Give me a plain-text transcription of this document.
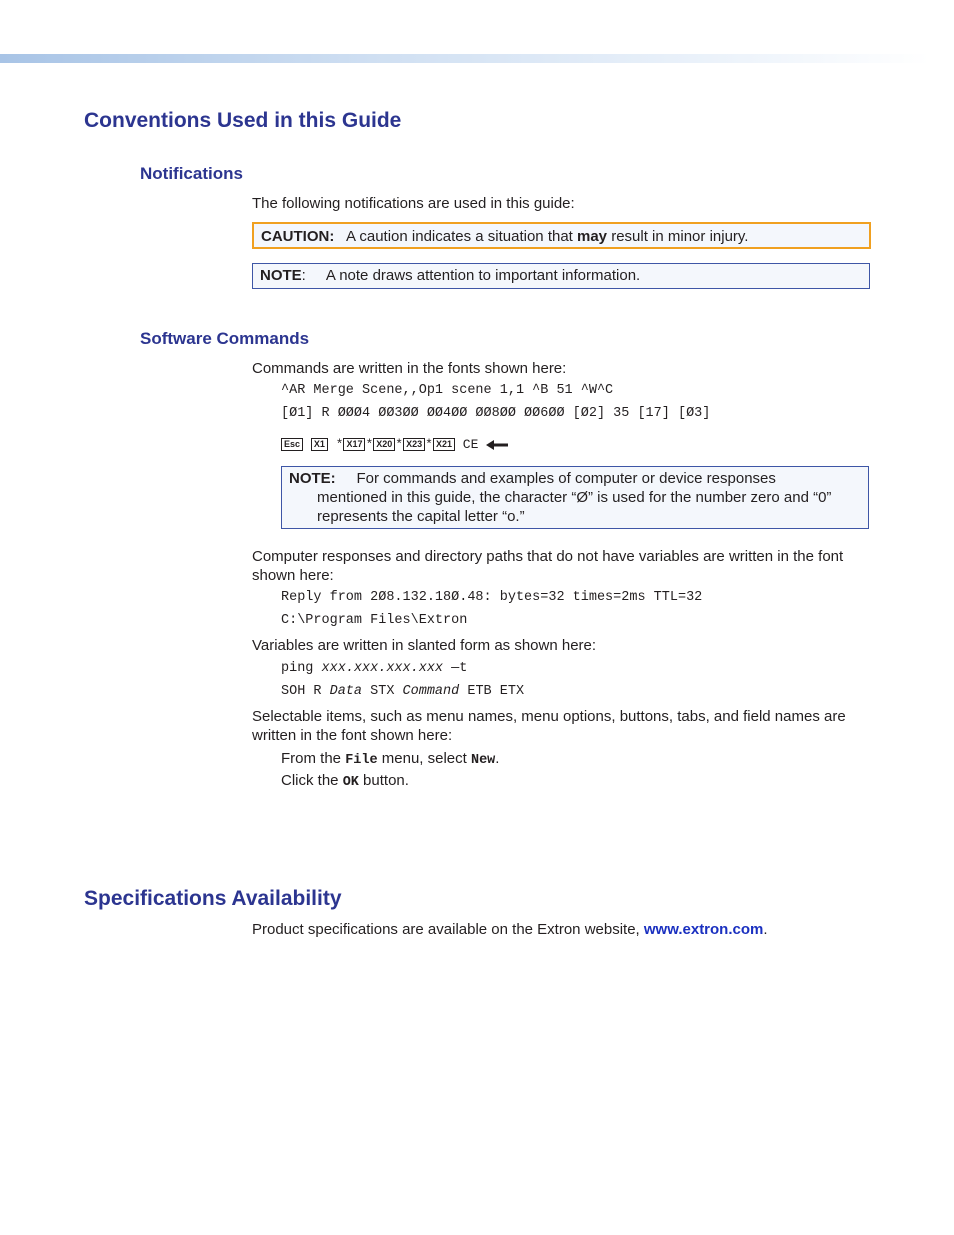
Conventions Used in this Guide
Notifications

The following notifications are used in this guide:

CAUTION: A caution indicates a situation that may result in minor injury.
NOTE: A note draws attention to important information.
Software Commands

Commands are written in the fonts shown here:

^AR Merge Scene,,Op1 scene 1,1 ^B 51 ^W^C
[Ø1] R ØØØ4 ØØ3ØØ ØØ4ØØ ØØ8ØØ ØØ6ØØ [Ø2] 35 [17] [Ø3]
Esc X1 * X17 * X20 * X23 * X21 CE
NOTE: For commands and examples of computer or device responses
mentioned in this guide, the character “Ø” is used for the number zero and “0”
represents the capital letter “o.”

Computer responses and directory paths that do not have variables are written in the font shown here:

Reply from 2Ø8.132.18Ø.48: bytes=32 times=2ms TTL=32
C:\Program Files\Extron

Variables are written in slanted form as shown here:

ping xxx.xxx.xxx.xxx —t
SOH R Data STX Command ETB ETX

Selectable items, such as menu names, menu options, buttons, tabs, and field names are written in the font shown here:

From the File menu, select New.

Click the OK button.

Specifications Availability

Product specifications are available on the Extron website, www.extron.com.
